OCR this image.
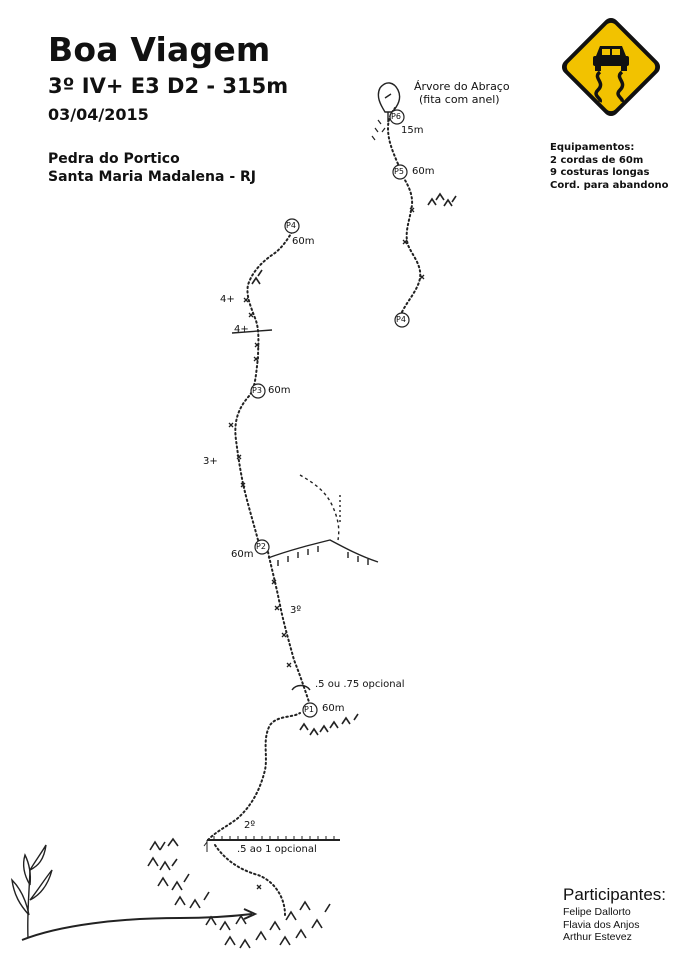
Boa Viagem
3º IV+ E3 D2 - 315m
03/04/2015
Pedra do Portico
Santa Maria Madalena - RJ
Equipamentos:
2 cordas de 60m
9 costuras longas
Cord. para abandono
P1 60m
P2
60m
P3 60m
P4
60m
P4
P5 60m
P6
15m
Árvore do Abraço
(fita com anel)
2º
3º
3+
4+
4+
.5 ao 1 opcional
.5 ou .75 opcional
Participantes:
Felipe Dallorto
Flavia dos Anjos
Arthur Estevez
